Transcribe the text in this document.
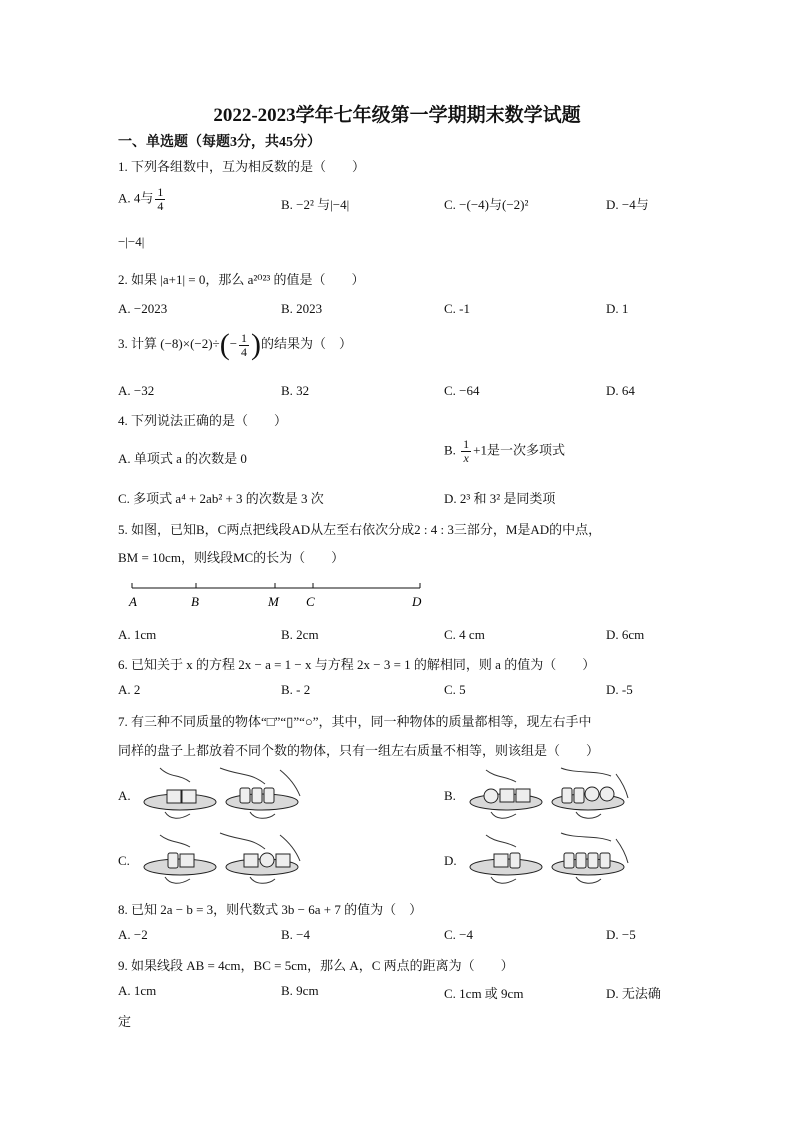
2022-2023学年七年级第一学期期末数学试题
一、单选题（每题3分，共45分）
1. 下列各组数中，互为相反数的是（　　）
A. 4与 $\frac{1}{4}$	B. −2² 与|−4|	C. −(−4)与(−2)²	D. −4与
−|−4|
2. 如果 |a+1| = 0，那么 a²⁰²³ 的值是（　　）
A. −2023	B. 2023	C. -1	D. 1
3. 计算 $(-8)\times(-2)\div(- \frac{1}{4}$ )的结果为（　）
A. −32	B. 32	C. −64	D. 64
4. 下列说法正确的是（　　）
A. 单项式 a 的次数是 0
B. $\frac{1}{x} +1$是一次多项式
C. 多项式 a⁴ + 2ab² + 3 的次数是 3 次	D. 2³ 和 3² 是同类项
5. 如图，已知B，C两点把线段AD从左至右依次分成2 : 4 : 3三部分，M是AD的中点，
BM = 10cm，则线段MC的长为（　　）
A	B	M C	D
A. 1cm	B. 2cm	C. 4 cm	D. 6cm
6. 已知关于 x 的方程 2x − a = 1 − x 与方程 2x − 3 = 1 的解相同，则 a 的值为（　　）
A. 2	B. - 2	C. 5	D. -5
7. 有三种不同质量的物体“□”“▯”“○”，其中，同一种物体的质量都相等，现左右手中
同样的盘子上都放着不同个数的物体，只有一组左右质量不相等，则该组是（　　）
A.	B.
C.	D.
8. 已知 2a − b = 3，则代数式 3b − 6a + 7 的值为（　）
A. −2	B. −4	C. −4	D. −5
9. 如果线段 AB = 4cm，BC = 5cm，那么 A，C 两点的距离为（　　）
A. 1cm	B. 9cm	C. 1cm 或 9cm	D. 无法确
定
